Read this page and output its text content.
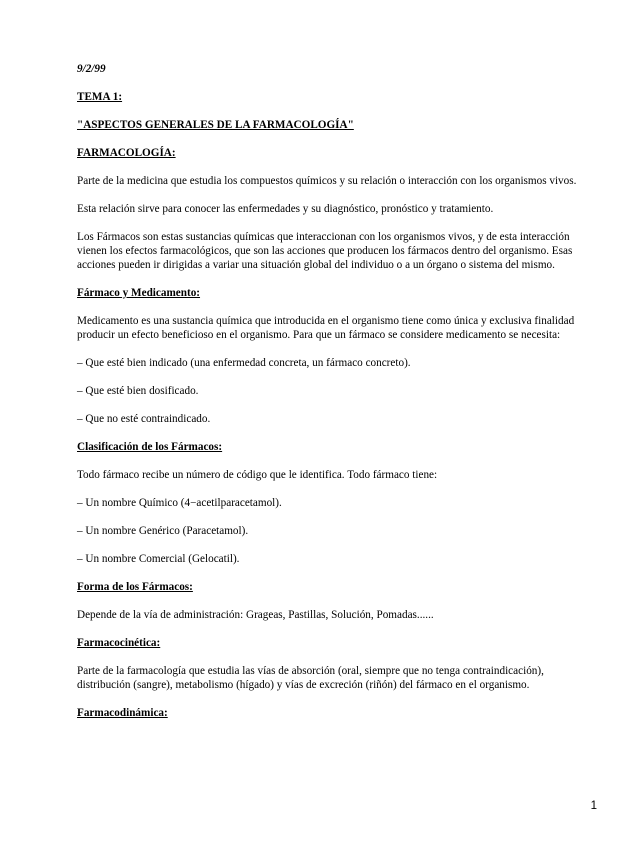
9/2/99
TEMA 1:
"ASPECTOS GENERALES DE LA FARMACOLOGÍA"
FARMACOLOGÍA:
Parte de la medicina que estudia los compuestos químicos y su relación o interacción con los organismos vivos.
Esta relación sirve para conocer las enfermedades y su diagnóstico, pronóstico y tratamiento.
Los Fármacos son estas sustancias químicas que interaccionan con los organismos vivos, y de esta interacción vienen los efectos farmacológicos, que son las acciones que producen los fármacos dentro del organismo. Esas acciones pueden ir dirigidas a variar una situación global del individuo o a un órgano o sistema del mismo.
Fármaco y Medicamento:
Medicamento es una sustancia química que introducida en el organismo tiene como única y exclusiva finalidad producir un efecto beneficioso en el organismo. Para que un fármaco se considere medicamento se necesita:
– Que esté bien indicado (una enfermedad concreta, un fármaco concreto).
– Que esté bien dosificado.
– Que no esté contraindicado.
Clasificación de los Fármacos:
Todo fármaco recibe un número de código que le identifica. Todo fármaco tiene:
– Un nombre Químico (4−acetilparacetamol).
– Un nombre Genérico (Paracetamol).
– Un nombre Comercial (Gelocatil).
Forma de los Fármacos:
Depende de la vía de administración: Grageas, Pastillas, Solución, Pomadas......
Farmacocinética:
Parte de la farmacología que estudia las vías de absorción (oral, siempre que no tenga contraindicación), distribución (sangre), metabolismo (hígado) y vías de excreción (riñón) del fármaco en el organismo.
Farmacodinámica:
1
